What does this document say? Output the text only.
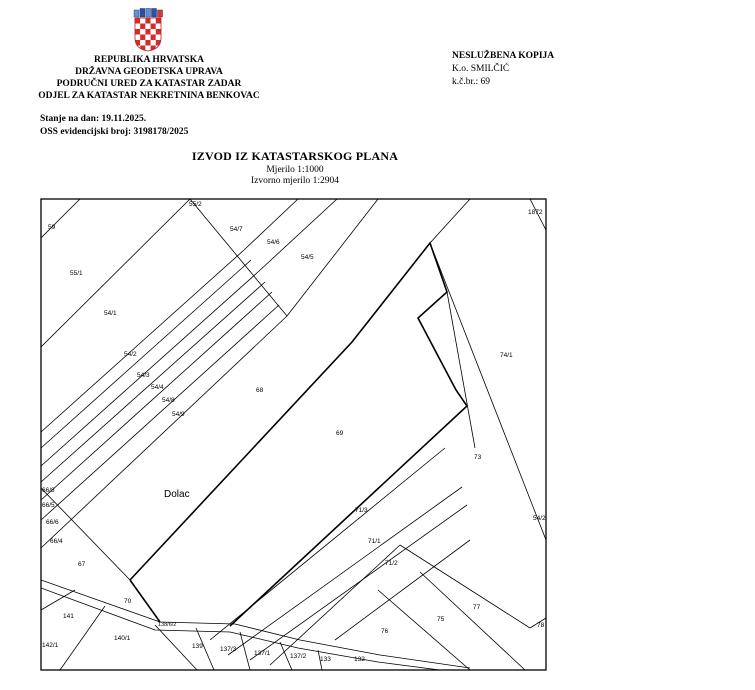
REPUBLIKA HRVATSKA
DRŽAVNA GEODETSKA UPRAVA
PODRUČNI URED ZA KATASTAR ZADAR
ODJEL ZA KATASTAR NEKRETNINA BENKOVAC
Stanje na dan: 19.11.2025.
OSS evidencijski broj: 3198178/2025
NESLUŽBENA KOPIJA
K.o. SMILČIĆ
k.č.br.: 69
IZVOD IZ KATASTARSKOG PLANA
Mjerilo 1:1000
Izvorno mjerilo 1:2904
59
55/1
54/1
54/2
54/3
54/4
54/8
54/9
54/7
54/6
54/5
55/2
68
69
73
74/1
71/3
71/1
71/2
66/8
66/5
66/6
66/4
67
70
141
140/1
142/1
138/6/2
139	137/3
137/1	137/2 133	132
76
75
77
1872
54/2
78
Dolac
